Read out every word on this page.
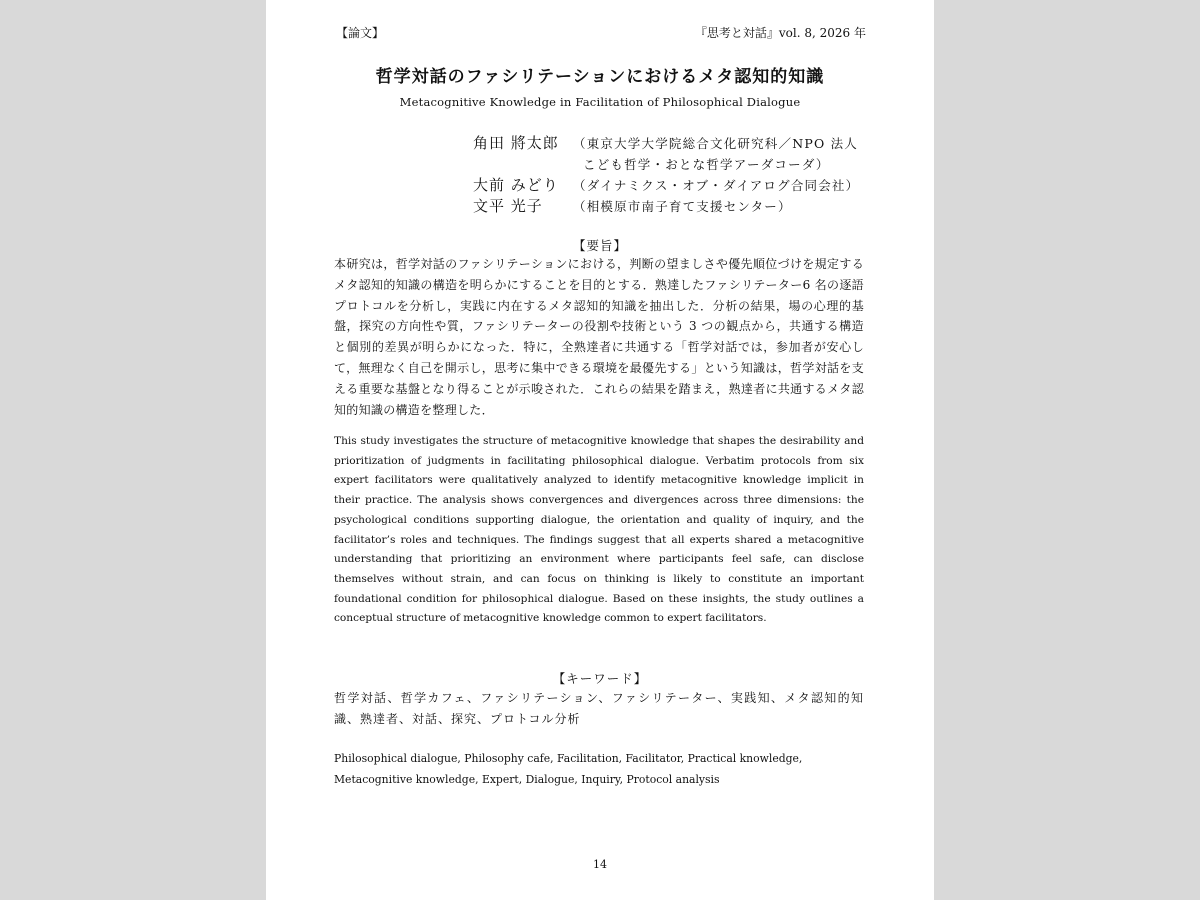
【論文】	『思考と対話』vol. 8, 2026 年
哲学対話のファシリテーションにおけるメタ認知的知識
Metacognitive Knowledge in Facilitation of Philosophical Dialogue
角田 將太郎	（東京大学大学院総合文化研究科／NPO 法人
こども哲学・おとな哲学アーダコーダ）
大前 みどり	（ダイナミクス・オブ・ダイアログ合同会社）
文平 光子	（相模原市南子育て支援センター）
【要旨】
本研究は，哲学対話のファシリテーションにおける，判断の望ましさや優先順位づけを規定するメタ認知的知識の構造を明らかにすることを目的とする．熟達したファシリテーター6 名の逐語プロトコルを分析し，実践に内在するメタ認知的知識を抽出した．分析の結果，場の心理的基盤，探究の方向性や質，ファシリテーターの役割や技術という 3 つの観点から，共通する構造と個別的差異が明らかになった．特に，全熟達者に共通する「哲学対話では，参加者が安心して，無理なく自己を開示し，思考に集中できる環境を最優先する」という知識は，哲学対話を支える重要な基盤となり得ることが示唆された．これらの結果を踏まえ，熟達者に共通するメタ認知的知識の構造を整理した．
This study investigates the structure of metacognitive knowledge that shapes the desirability and prioritization of judgments in facilitating philosophical dialogue. Verbatim protocols from six expert facilitators were qualitatively analyzed to identify metacognitive knowledge implicit in their practice. The analysis shows convergences and divergences across three dimensions: the psychological conditions supporting dialogue, the orientation and quality of inquiry, and the facilitator’s roles and techniques. The findings suggest that all experts shared a metacognitive understanding that prioritizing an environment where participants feel safe, can disclose themselves without strain, and can focus on thinking is likely to constitute an important foundational condition for philosophical dialogue. Based on these insights, the study outlines a conceptual structure of metacognitive knowledge common to expert facilitators.
【キーワード】
哲学対話、哲学カフェ、ファシリテーション、ファシリテーター、実践知、メタ認知的知識、熟達者、対話、探究、プロトコル分析
Philosophical dialogue, Philosophy cafe, Facilitation, Facilitator, Practical knowledge, Metacognitive knowledge, Expert, Dialogue, Inquiry, Protocol analysis
14
